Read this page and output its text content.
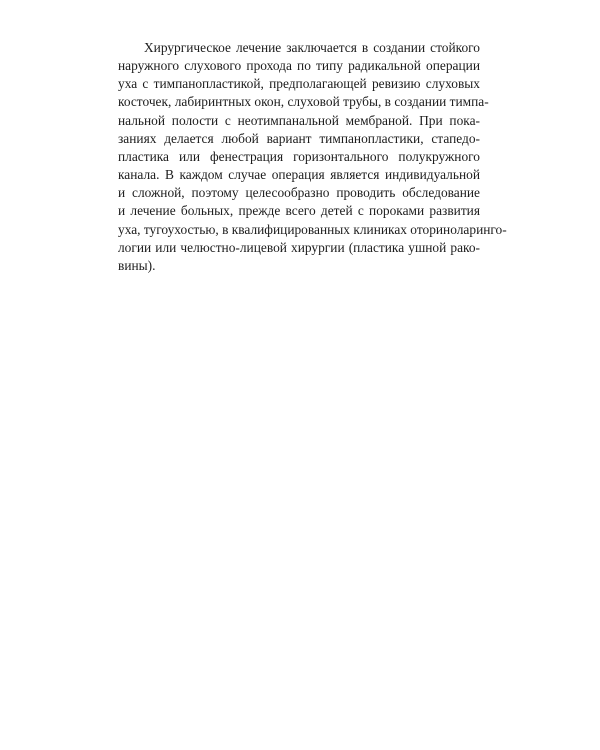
Хирургическое лечение заключается в создании стойкого
наружного слухового прохода по типу радикальной операции
уха с тимпанопластикой, предполагающей ревизию слуховых
косточек, лабиринтных окон, слуховой трубы, в создании тимпа-
нальной полости с неотимпанальной мембраной. При пока-
заниях делается любой вариант тимпанопластики, стапедо-
пластика или фенестрация горизонтального полукружного
канала. В каждом случае операция является индивидуальной
и сложной, поэтому целесообразно проводить обследование
и лечение больных, прежде всего детей с пороками развития
уха, тугоухостью, в квалифицированных клиниках оториноларинго-
логии или челюстно-лицевой хирургии (пластика ушной рако-
вины).
